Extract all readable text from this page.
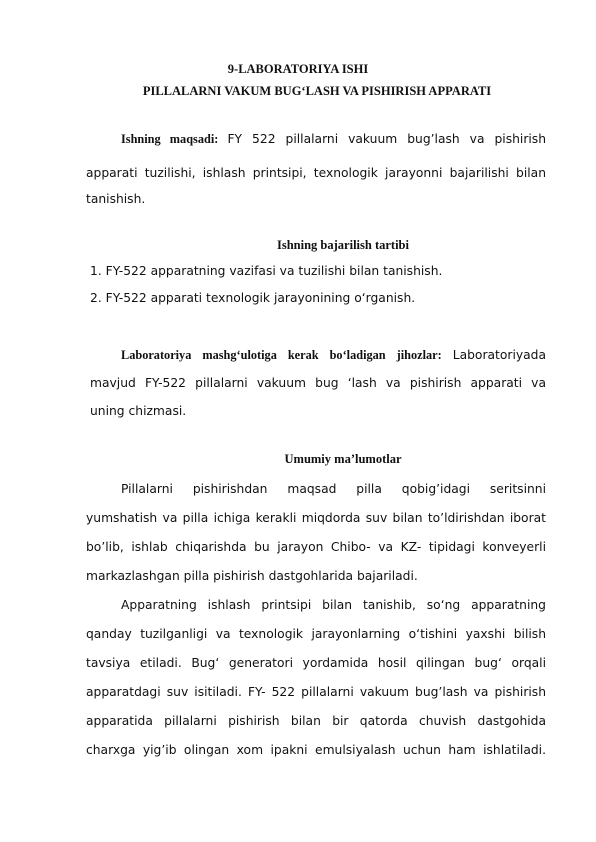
9-LABORATORIYA ISHI
PILLALARNI VAKUM BUG‘LASH VA PISHIRISH APPARATI
Ishning maqsadi: FY 522 pillalarni vakuum bug’lash va pishirish
apparati tuzilishi, ishlash printsipi, texnologik jarayonni bajarilishi bilan
tanishish.
Ishning bajarilish tartibi
1. FY-522 apparatning vazifasi va tuzilishi bilan tanishish.
2. FY-522 apparati texnologik jarayonining o‘rganish.
Laboratoriya mashg‘ulotiga kerak bo‘ladigan jihozlar: Laboratoriyada
mavjud FY-522 pillalarni vakuum bug ‘lash va pishirish apparati va
uning chizmasi.
Umumiy ma’lumotlar
Pillalarni pishirishdan maqsad pilla qobig’idagi seritsinni
yumshatish va pilla ichiga kerakli miqdorda suv bilan to’ldirishdan iborat
bo’lib, ishlab chiqarishda bu jarayon Chibo- va KZ- tipidagi konveyerli
markazlashgan pilla pishirish dastgohlarida bajariladi.
Apparatning ishlash printsipi bilan tanishib, so‘ng apparatning
qanday tuzilganligi va texnologik jarayonlarning o‘tishini yaxshi bilish
tavsiya etiladi. Bug‘ generatori yordamida hosil qilingan bug‘ orqali
apparatdagi suv isitiladi. FY- 522 pillalarni vakuum bug’lash va pishirish
apparatida pillalarni pishirish bilan bir qatorda chuvish dastgohida
charxga yig’ib olingan xom ipakni emulsiyalash uchun ham ishlatiladi.
